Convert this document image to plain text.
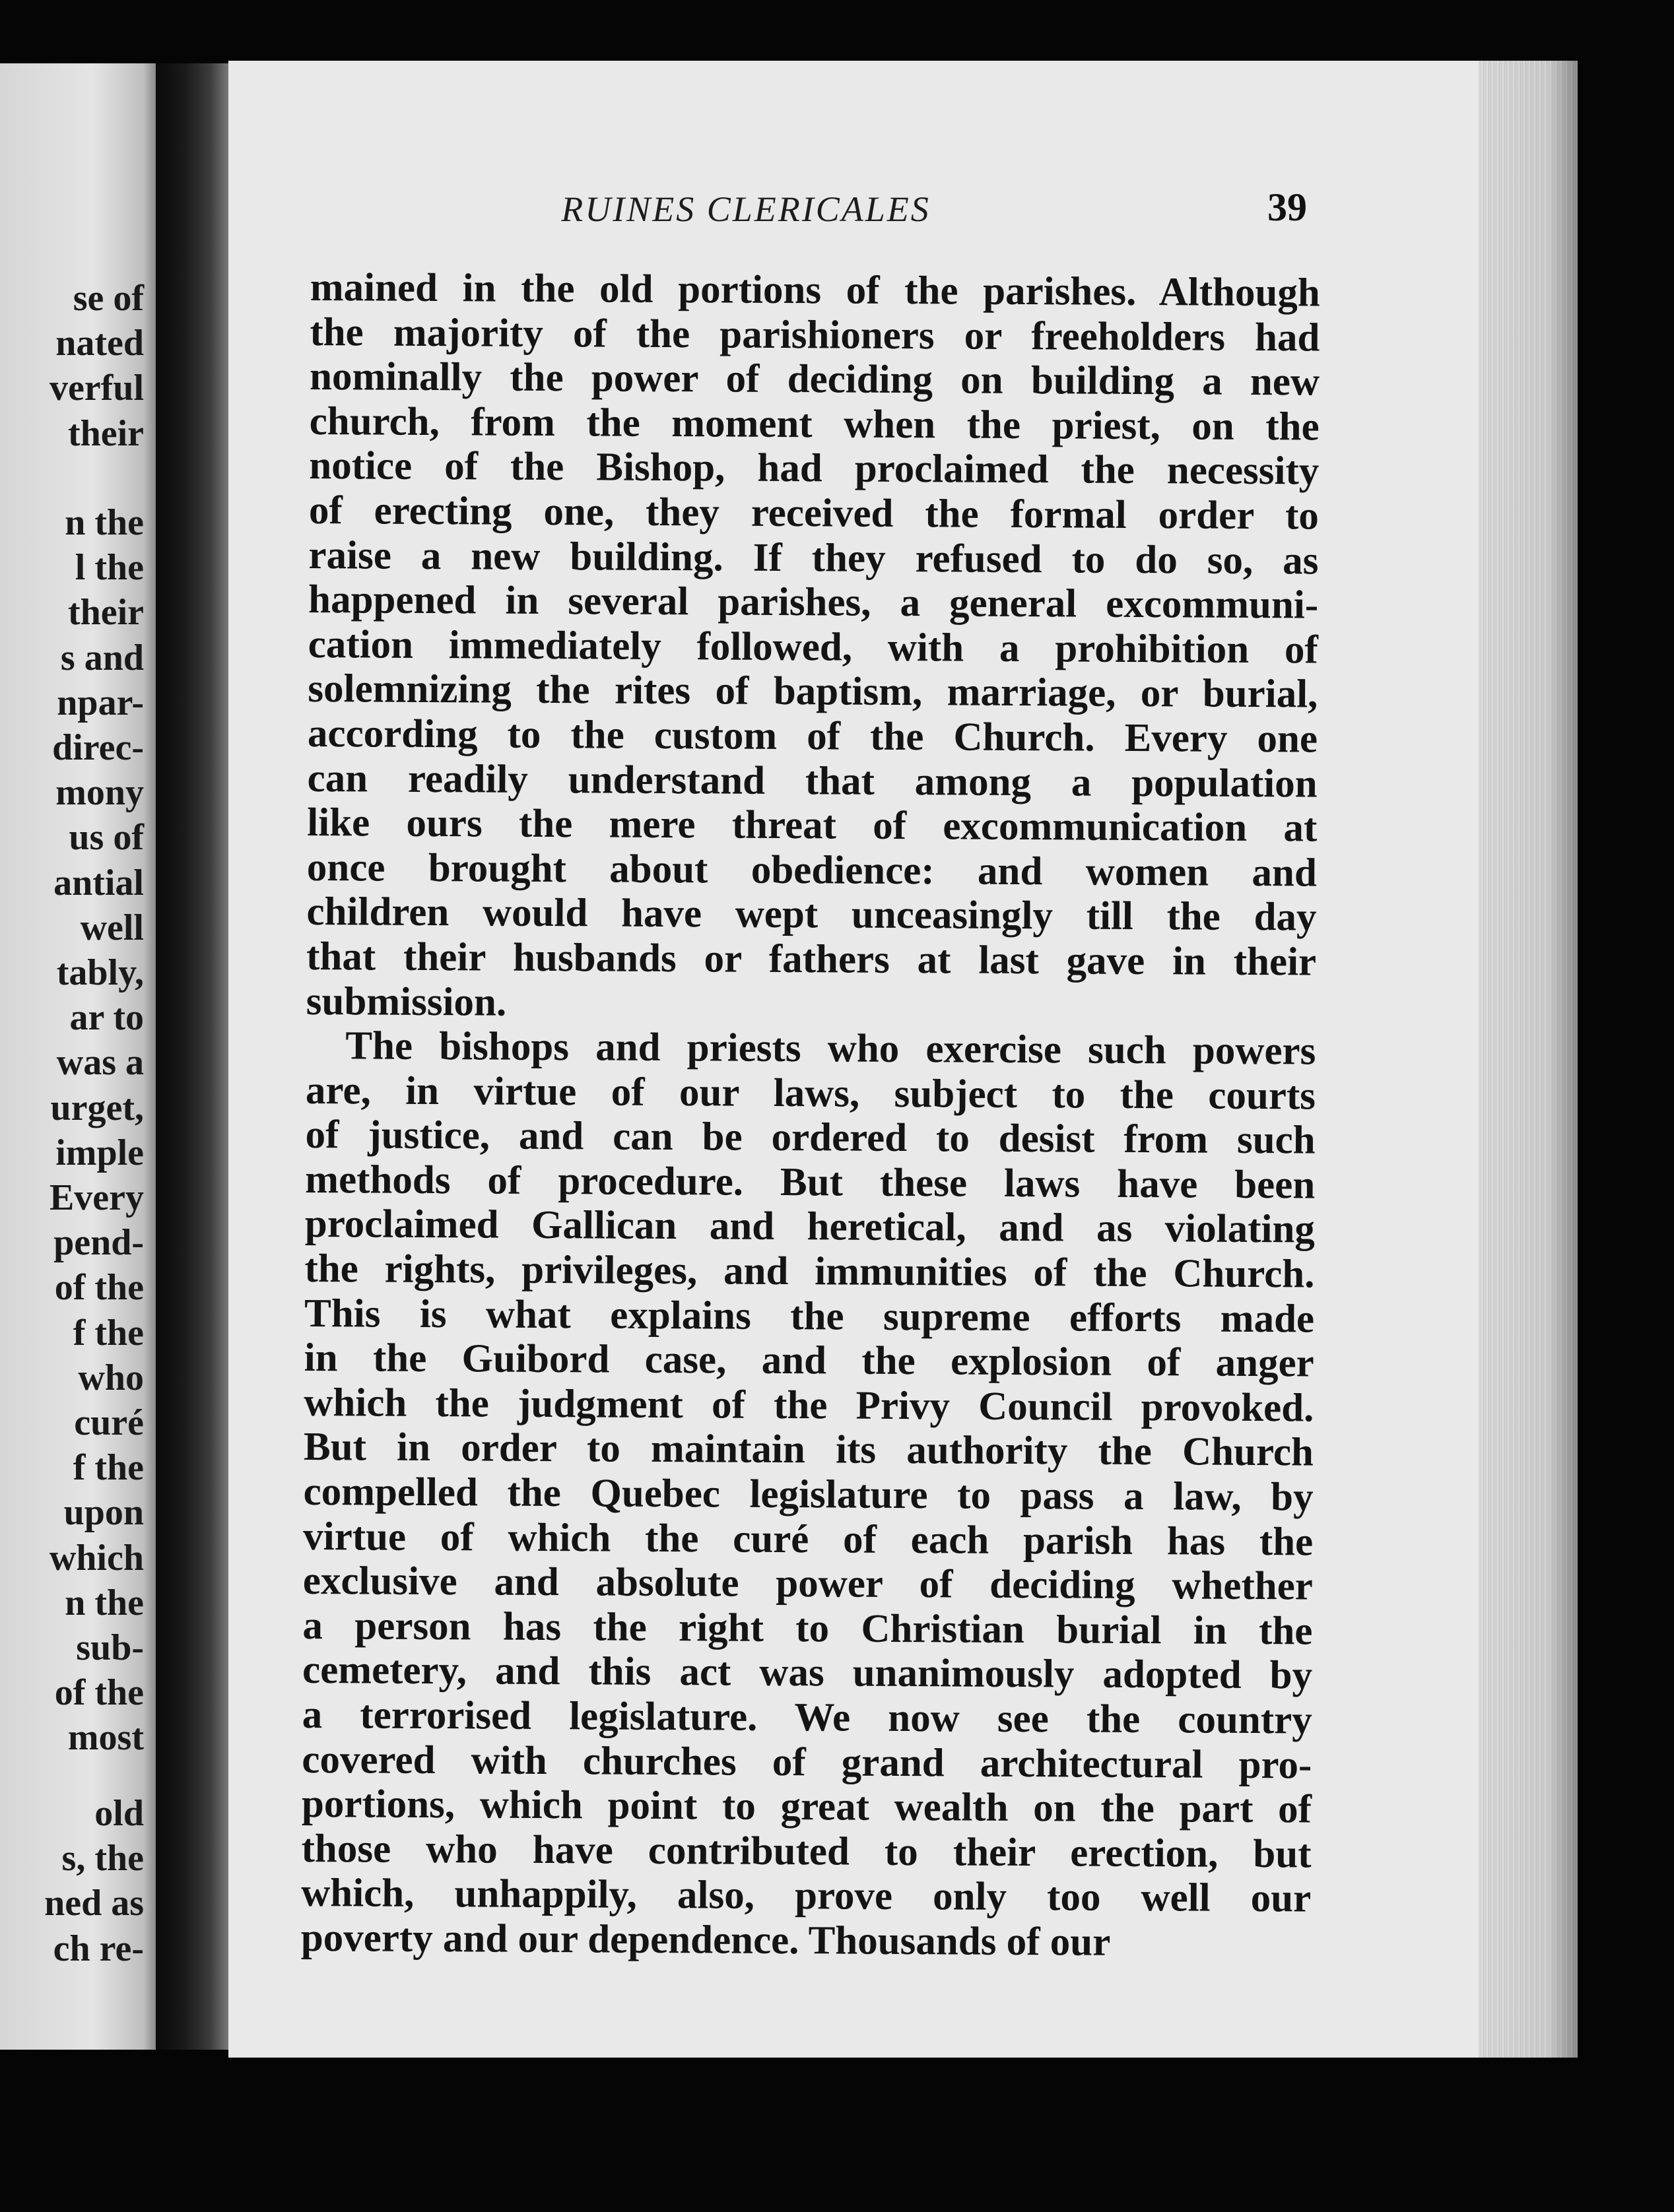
se of
nated
verful
their
n the
l the
their
s and
npar-
direc-
mony
us of
antial
well
tably,
ar to
was a
urget,
imple
Every
pend-
of the
f the
who
curé
f the
upon
which
n the
sub-
of the
most
old
s, the
ned as
ch re-
RUINES CLERICALES	39
mained in the old portions of the parishes. Although
the majority of the parishioners or freeholders had
nominally the power of deciding on building a new
church, from the moment when the priest, on the
notice of the Bishop, had proclaimed the necessity
of erecting one, they received the formal order to
raise a new building. If they refused to do so, as
happened in several parishes, a general excommuni-
cation immediately followed, with a prohibition of
solemnizing the rites of baptism, marriage, or burial,
according to the custom of the Church. Every one
can readily understand that among a population
like ours the mere threat of excommunication at
once brought about obedience: and women and
children would have wept unceasingly till the day
that their husbands or fathers at last gave in their
submission.
The bishops and priests who exercise such powers
are, in virtue of our laws, subject to the courts
of justice, and can be ordered to desist from such
methods of procedure. But these laws have been
proclaimed Gallican and heretical, and as violating
the rights, privileges, and immunities of the Church.
This is what explains the supreme efforts made
in the Guibord case, and the explosion of anger
which the judgment of the Privy Council provoked.
But in order to maintain its authority the Church
compelled the Quebec legislature to pass a law, by
virtue of which the curé of each parish has the
exclusive and absolute power of deciding whether
a person has the right to Christian burial in the
cemetery, and this act was unanimously adopted by
a terrorised legislature. We now see the country
covered with churches of grand architectural pro-
portions, which point to great wealth on the part of
those who have contributed to their erection, but
which, unhappily, also, prove only too well our
poverty and our dependence. Thousands of our
